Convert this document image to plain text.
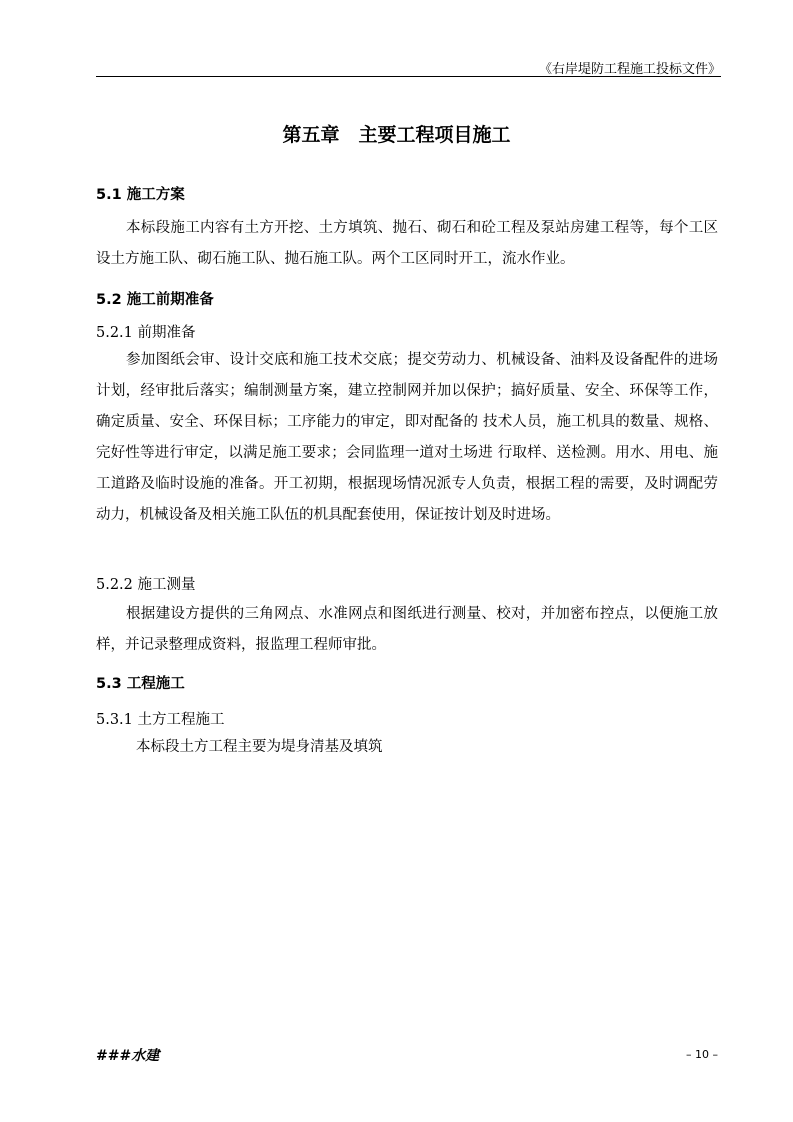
《右岸堤防工程施工投标文件》
第五章　主要工程项目施工
5.1 施工方案

本标段施工内容有土方开挖、土方填筑、抛石、砌石和砼工程及泵站房建工程等，每个工区设土方施工队、砌石施工队、抛石施工队。两个工区同时开工，流水作业。

5.2 施工前期准备
5.2.1 前期准备

参加图纸会审、设计交底和施工技术交底；提交劳动力、机械设备、油料及设备配件的进场计划，经审批后落实；编制测量方案，建立控制网并加以保护；搞好质量、安全、环保等工作，确定质量、安全、环保目标；工序能力的审定，即对配备的 技术人员，施工机具的数量、规格、完好性等进行审定，以满足施工要求；会同监理一道对土场进 行取样、送检测。用水、用电、施工道路及临时设施的准备。开工初期，根据现场情况派专人负责，根据工程的需要，及时调配劳动力，机械设备及相关施工队伍的机具配套使用，保证按计划及时进场。

5.2.2 施工测量

根据建设方提供的三角网点、水准网点和图纸进行测量、校对，并加密布控点，以便施工放样，并记录整理成资料，报监理工程师审批。

5.3 工程施工
5.3.1 土方工程施工

本标段土方工程主要为堤身清基及填筑

###水建	– 10 –
